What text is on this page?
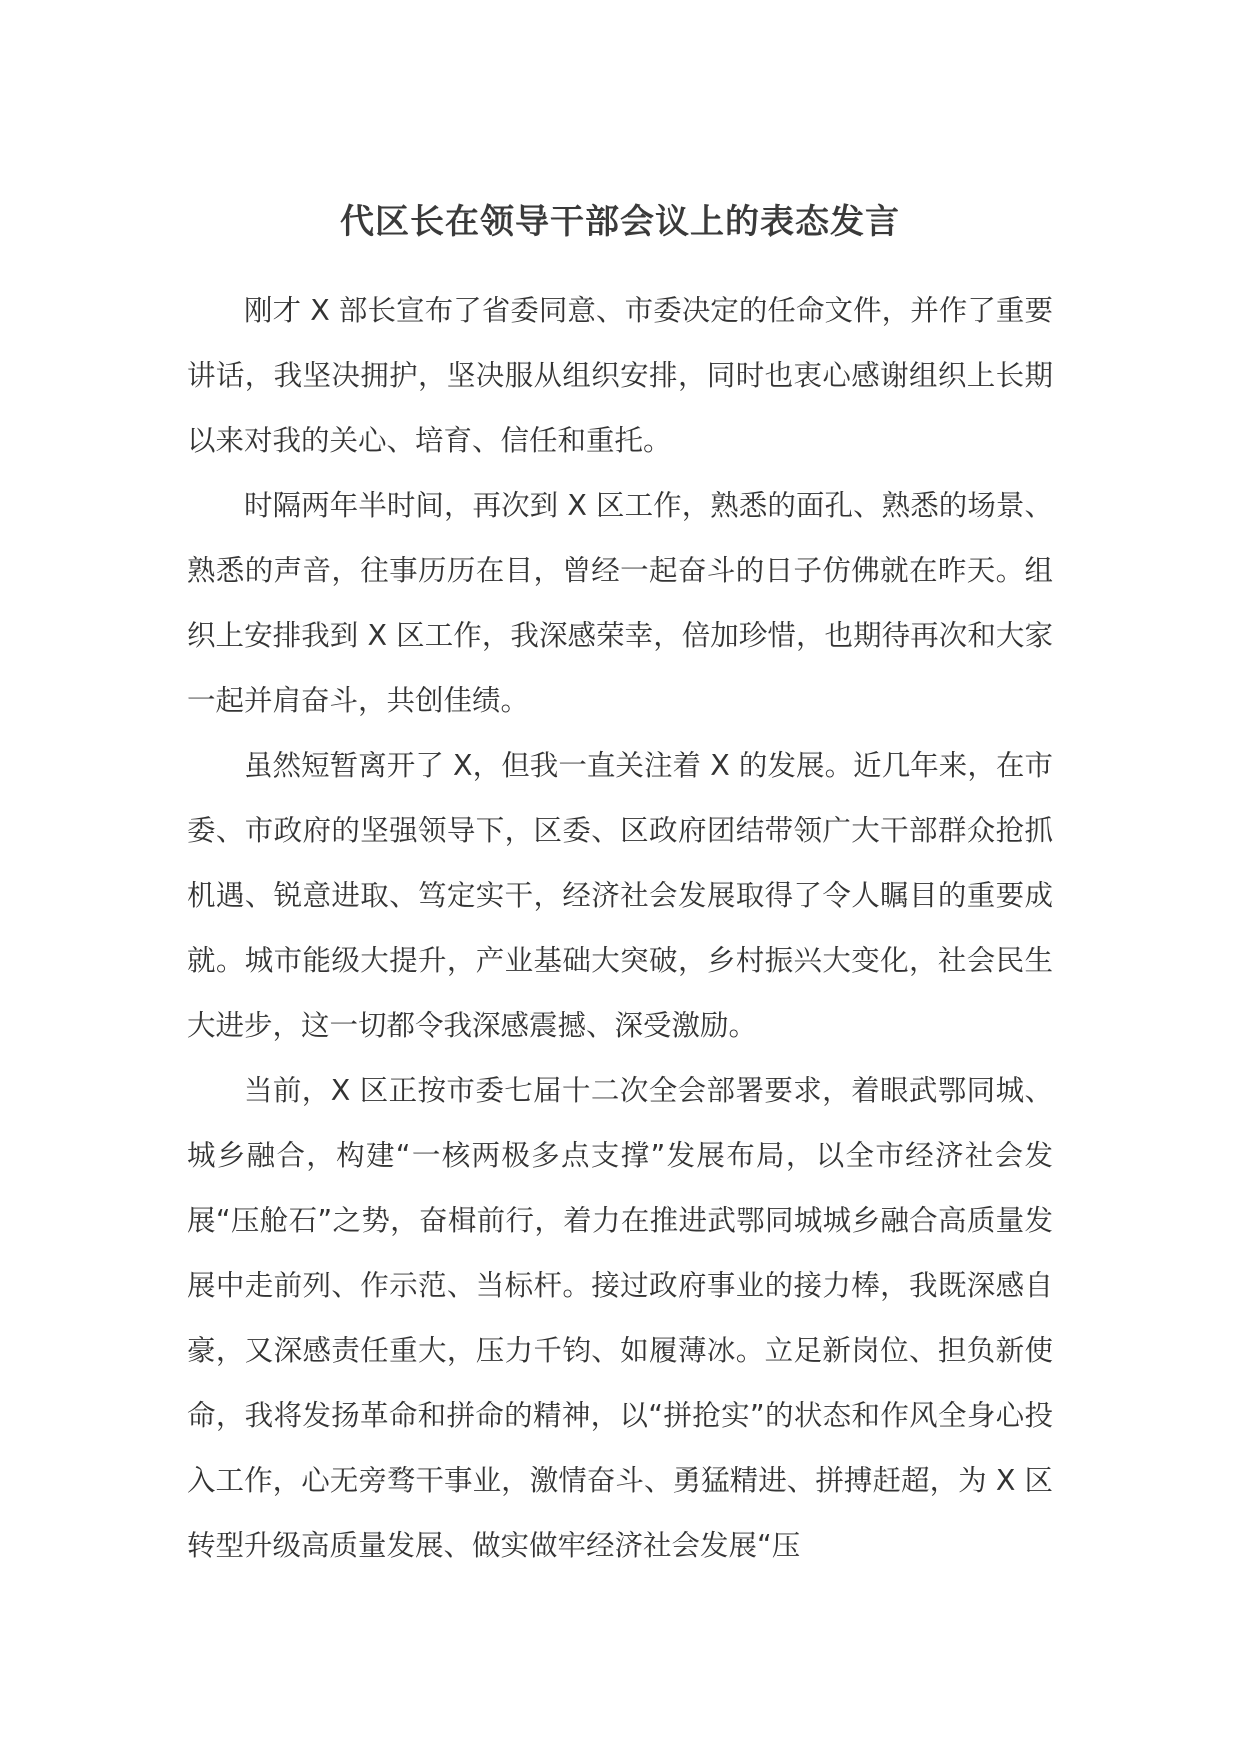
代区长在领导干部会议上的表态发言

刚才 X 部长宣布了省委同意、市委决定的任命文件，并作了重要讲话，我坚决拥护，坚决服从组织安排，同时也衷心感谢组织上长期以来对我的关心、培育、信任和重托。

时隔两年半时间，再次到 X 区工作，熟悉的面孔、熟悉的场景、熟悉的声音，往事历历在目，曾经一起奋斗的日子仿佛就在昨天。组织上安排我到 X 区工作，我深感荣幸，倍加珍惜，也期待再次和大家一起并肩奋斗，共创佳绩。

虽然短暂离开了 X，但我一直关注着 X 的发展。近几年来，在市委、市政府的坚强领导下，区委、区政府团结带领广大干部群众抢抓机遇、锐意进取、笃定实干，经济社会发展取得了令人瞩目的重要成就。城市能级大提升，产业基础大突破，乡村振兴大变化，社会民生大进步，这一切都令我深感震撼、深受激励。

当前，X 区正按市委七届十二次全会部署要求，着眼武鄂同城、城乡融合，构建“一核两极多点支撑”发展布局，以全市经济社会发展“压舱石”之势，奋楫前行，着力在推进武鄂同城城乡融合高质量发展中走前列、作示范、当标杆。接过政府事业的接力棒，我既深感自豪，又深感责任重大，压力千钧、如履薄冰。立足新岗位、担负新使命，我将发扬革命和拼命的精神，以“拼抢实”的状态和作风全身心投入工作，心无旁骛干事业，激情奋斗、勇猛精进、拼搏赶超，为 X 区转型升级高质量发展、做实做牢经济社会发展“压
